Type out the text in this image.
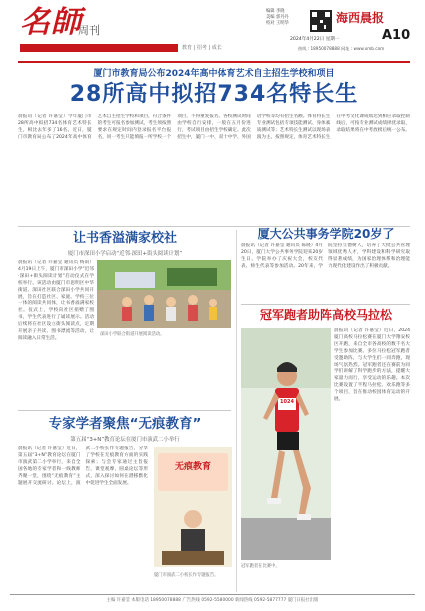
名師
周刊
良 师 益 友 成 长 伙 伴
教育 | 招考 | 成长
编辑 李晓
美编 郭丹丹
校对 王明华	海西晨报
A10
2024年4月22日 星期一
热线 : 18950078888 网址 : www.xmb.com
厦门市教育局公布2024年高中体育艺术自主招生学校和项目
28所高中拟招734名特长生
晨报讯（记者 许嘉莹）今年厦门市28所高中拟招734名体育艺术特长生，相比去年多了16名。近日，厦门市教育局公布了2024年高中体育艺术自主招生学校和项目，符合条件的考生可报名参加测试。考生须按照要求在规定时间内登录报名平台报名，同一考生只能填报一所学校一个项目，不得重复报名。各校测试时间由学校自行安排，一般在五月份进行，考试项目由招生学校确定。此次招生中，厦门一中、双十中学、外国语学校等均有招生名额。体育特长生专业测试包括专项技能测试、身体素质测试等；艺术特长生测试以现场表演为主。按照规定，体育艺术特长生在中考文化课成绩达到相应录取控制线后，可按专业测试成绩择优录取，录取结果将在中考放榜后统一公布。
让书香溢满家校社
厦门市深田小学启动“近邻·深田+街头阅读计划”
晨报讯（记者 许嘉莹 通讯员 杨雨）4月19日上午，厦门市深田小学“近邻·深田+街头阅读计划”启动仪式在学校举行。该活动由厦门市思明区中华街道、深田社区联合深田小学共同开展，旨在打造社区、家庭、学校三位一体的阅读共同体，让书香溢满家校社。仪式上，学校向社区捐赠了图书，学生代表进行了诵读展示。活动后续将在社区设立街头阅读点，定期开展亲子共读、图书漂流等活动，让阅读融入日常生活。
深田小学联合街道开展阅读活动。
专家学者聚焦“无痕教育”
第五届“3+N”教育论坛在厦门市演武二小举行
晨报讯（记者 许嘉莹）近日，第五届“3+N”教育论坛在厦门市演武第二小学举行，来自全国各地的专家学者和一线教师齐聚一堂，围绕“无痕教育”主题展开交流研讨。论坛上，演武二小校长作专题报告，分享了学校在无痕教育方面的实践探索；与会专家通过主旨报告、课堂观摩、圆桌论坛等形式，深入探讨如何在潜移默化中促进学生全面发展。
无痕教育
厦门市演武二小校长作专题报告。
厦大公共事务学院20岁了
晨报讯（记者 许嘉莹 通讯员 陈晓）4月20日，厦门大学公共事务学院迎来20岁生日。学院举办了庆祝大会，校友代表、师生代表等参加活动。20年来，学院坚持立德树人，培养了大批公共管理领域优秀人才，学科建设和科学研究取得显著成绩，为国家治理体系和治理能力现代化建设作出了积极贡献。
冠军跑者助阵高校马拉松
1024
冠军跑者在比赛中。
晨报讯（记者 许嘉莹）近日，2024厦门高校马拉松赛在厦门大学翔安校区开跑，来自全市各高校的数千名大学生参加比赛。多位马拉松冠军跑者受邀助阵，与大学生们一同奔跑，现场气氛热烈。冠军跑者还在赛前为同学们讲解了科学跑步的方法，提醒大家量力而行，享受运动的乐趣。本次比赛设置了半程马拉松、欢乐跑等多个项目，旨在推动校园体育运动的开展。
主编 许嘉莹 本版电话 18950078888 广告热线 0592-5580000 新闻热线 0592-5877777 厦门日报社出版
